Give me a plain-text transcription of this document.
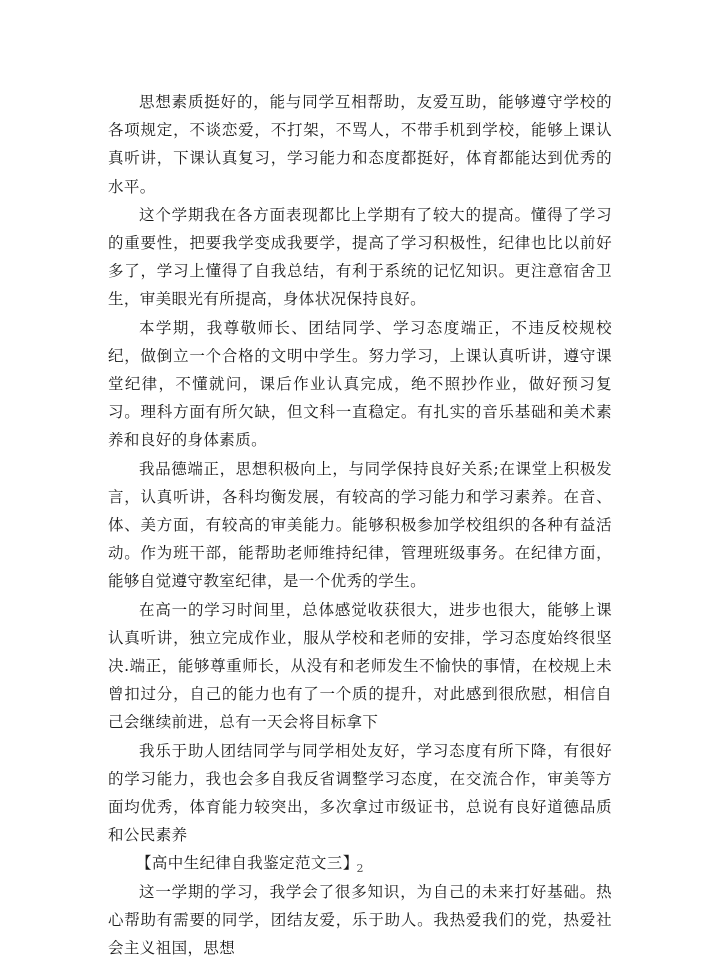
思想素质挺好的，能与同学互相帮助，友爱互助，能够遵守学校的各项规定，不谈恋爱，不打架，不骂人，不带手机到学校，能够上课认真听讲，下课认真复习，学习能力和态度都挺好，体育都能达到优秀的水平。

这个学期我在各方面表现都比上学期有了较大的提高。懂得了学习的重要性，把要我学变成我要学，提高了学习积极性，纪律也比以前好多了，学习上懂得了自我总结，有利于系统的记忆知识。更注意宿舍卫生，审美眼光有所提高，身体状况保持良好。

本学期，我尊敬师长、团结同学、学习态度端正，不违反校规校纪，做倒立一个合格的文明中学生。努力学习，上课认真听讲，遵守课堂纪律，不懂就问，课后作业认真完成，绝不照抄作业，做好预习复习。理科方面有所欠缺，但文科一直稳定。有扎实的音乐基础和美术素养和良好的身体素质。

我品德端正，思想积极向上，与同学保持良好关系;在课堂上积极发言，认真听讲，各科均衡发展，有较高的学习能力和学习素养。在音、体、美方面，有较高的审美能力。能够积极参加学校组织的各种有益活动。作为班干部，能帮助老师维持纪律，管理班级事务。在纪律方面，能够自觉遵守教室纪律，是一个优秀的学生。

在高一的学习时间里，总体感觉收获很大，进步也很大，能够上课认真听讲，独立完成作业，服从学校和老师的安排，学习态度始终很坚决.端正，能够尊重师长，从没有和老师发生不愉快的事情，在校规上未曾扣过分，自己的能力也有了一个质的提升，对此感到很欣慰，相信自己会继续前进，总有一天会将目标拿下

我乐于助人团结同学与同学相处友好，学习态度有所下降，有很好的学习能力，我也会多自我反省调整学习态度，在交流合作，审美等方面均优秀，体育能力较突出，多次拿过市级证书，总说有良好道德品质和公民素养

【高中生纪律自我鉴定范文三】

这一学期的学习，我学会了很多知识，为自己的未来打好基础。热心帮助有需要的同学，团结友爱，乐于助人。我热爱我们的党，热爱社会主义祖国，思想

2
